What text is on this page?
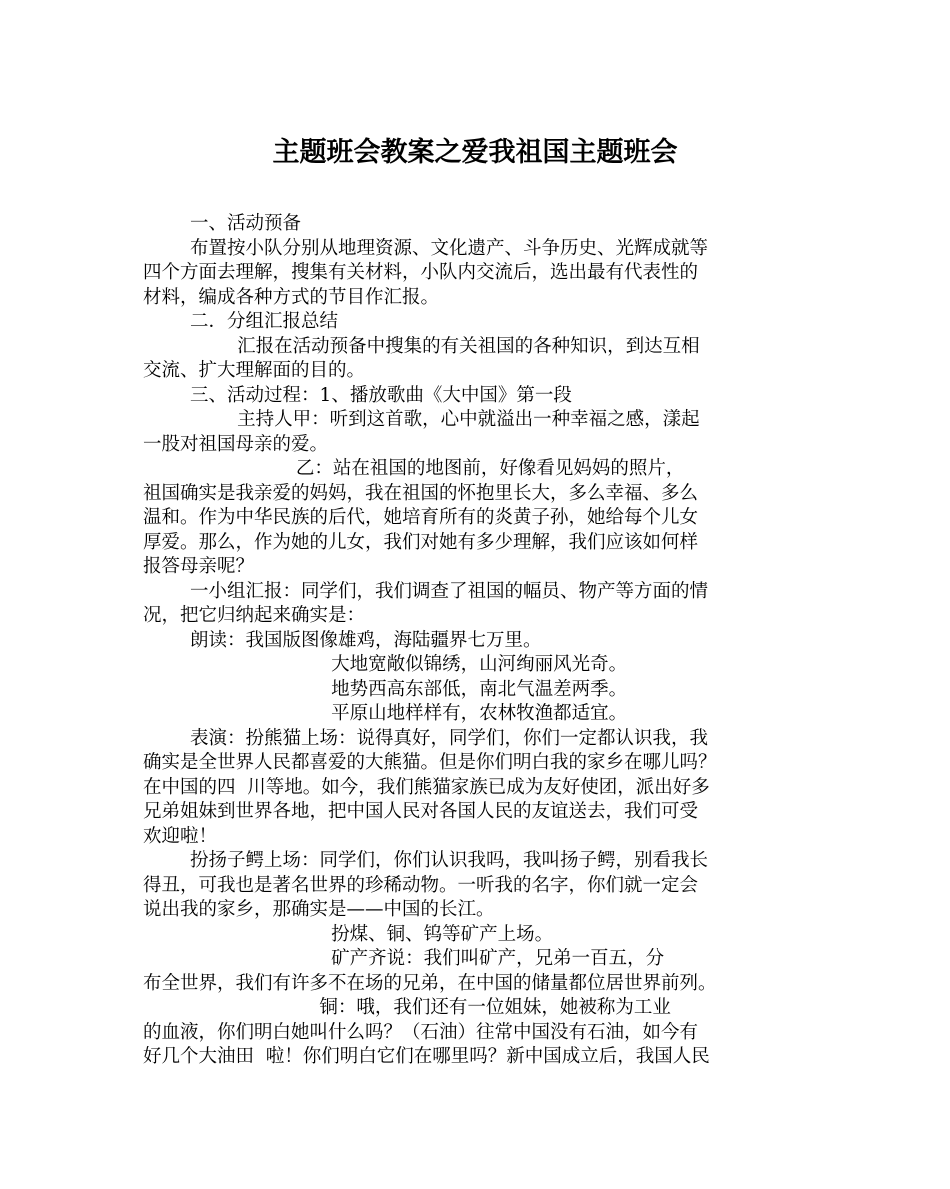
主题班会教案之爱我祖国主题班会
一、活动预备
布置按小队分别从地理资源、文化遗产、斗争历史、光辉成就等
四个方面去理解，搜集有关材料，小队内交流后，选出最有代表性的
材料，编成各种方式的节目作汇报。
二．分组汇报总结
汇报在活动预备中搜集的有关祖国的各种知识，到达互相
交流、扩大理解面的目的。
三、活动过程：1、播放歌曲《大中国》第一段
主持人甲：听到这首歌，心中就溢出一种幸福之感，漾起
一股对祖国母亲的爱。
乙：站在祖国的地图前，好像看见妈妈的照片，
祖国确实是我亲爱的妈妈，我在祖国的怀抱里长大，多么幸福、多么
温和。作为中华民族的后代，她培育所有的炎黄子孙，她给每个儿女
厚爱。那么，作为她的儿女，我们对她有多少理解，我们应该如何样
报答母亲呢？
一小组汇报：同学们，我们调查了祖国的幅员、物产等方面的情
况，把它归纳起来确实是：
朗读：我国版图像雄鸡，海陆疆界七万里。
大地宽敞似锦绣，山河绚丽风光奇。
地势西高东部低，南北气温差两季。
平原山地样样有，农林牧渔都适宜。
表演：扮熊猫上场：说得真好，同学们，你们一定都认识我，我
确实是全世界人民都喜爱的大熊猫。但是你们明白我的家乡在哪儿吗？
在中国的四  川等地。如今，我们熊猫家族已成为友好使团，派出好多
兄弟姐妹到世界各地，把中国人民对各国人民的友谊送去，我们可受
欢迎啦！
扮扬子鳄上场：同学们，你们认识我吗，我叫扬子鳄，别看我长
得丑，可我也是著名世界的珍稀动物。一听我的名字，你们就一定会
说出我的家乡，那确实是——中国的长江。
扮煤、铜、钨等矿产上场。
矿产齐说：我们叫矿产，兄弟一百五，分
布全世界，我们有许多不在场的兄弟，在中国的储量都位居世界前列。
铜：哦，我们还有一位姐妹，她被称为工业
的血液，你们明白她叫什么吗？（石油）往常中国没有石油，如今有
好几个大油田  啦！你们明白它们在哪里吗？新中国成立后，我国人民
